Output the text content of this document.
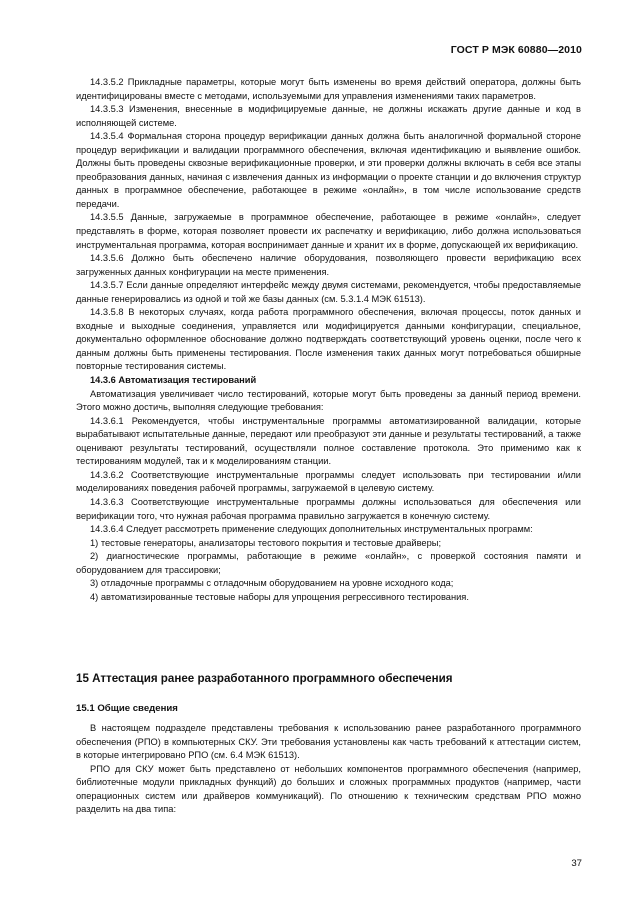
ГОСТ Р МЭК 60880—2010

14.3.5.2 Прикладные параметры, которые могут быть изменены во время действий оператора, должны быть идентифицированы вместе с методами, используемыми для управления изменениями таких параметров.

14.3.5.3 Изменения, внесенные в модифицируемые данные, не должны искажать другие данные и код в исполняющей системе.

14.3.5.4 Формальная сторона процедур верификации данных должна быть аналогичной формальной стороне процедур верификации и валидации программного обеспечения, включая идентификацию и выявление ошибок. Должны быть проведены сквозные верификационные проверки, и эти проверки должны включать в себя все этапы преобразования данных, начиная с извлечения данных из информации о проекте станции и до включения структур данных в программное обеспечение, работающее в режиме «онлайн», в том числе использование средств передачи.

14.3.5.5 Данные, загружаемые в программное обеспечение, работающее в режиме «онлайн», следует представлять в форме, которая позволяет провести их распечатку и верификацию, либо должна использоваться инструментальная программа, которая воспринимает данные и хранит их в форме, допускающей их верификацию.

14.3.5.6 Должно быть обеспечено наличие оборудования, позволяющего провести верификацию всех загруженных данных конфигурации на месте применения.

14.3.5.7 Если данные определяют интерфейс между двумя системами, рекомендуется, чтобы предоставляемые данные генерировались из одной и той же базы данных (см. 5.3.1.4 МЭК 61513).

14.3.5.8 В некоторых случаях, когда работа программного обеспечения, включая процессы, поток данных и входные и выходные соединения, управляется или модифицируется данными конфигурации, специальное, документально оформленное обоснование должно подтверждать соответствующий уровень оценки, после чего к данным должны быть применены тестирования. После изменения таких данных могут потребоваться обширные повторные тестирования системы.

14.3.6 Автоматизация тестирований

Автоматизация увеличивает число тестирований, которые могут быть проведены за данный период времени. Этого можно достичь, выполняя следующие требования:

14.3.6.1 Рекомендуется, чтобы инструментальные программы автоматизированной валидации, которые вырабатывают испытательные данные, передают или преобразуют эти данные и результаты тестирований, а также оценивают результаты тестирований, осуществляли полное составление протокола. Это применимо как к тестированиям модулей, так и к моделированиям станции.

14.3.6.2 Соответствующие инструментальные программы следует использовать при тестировании и/или моделированиях поведения рабочей программы, загружаемой в целевую систему.

14.3.6.3 Соответствующие инструментальные программы должны использоваться для обеспечения или верификации того, что нужная рабочая программа правильно загружается в конечную систему.

14.3.6.4 Следует рассмотреть применение следующих дополнительных инструментальных программ:

1) тестовые генераторы, анализаторы тестового покрытия и тестовые драйверы;

2) диагностические программы, работающие в режиме «онлайн», с проверкой состояния памяти и оборудованием для трассировки;

3) отладочные программы с отладочным оборудованием на уровне исходного кода;

4) автоматизированные тестовые наборы для упрощения регрессивного тестирования.

15 Аттестация ранее разработанного программного обеспечения
15.1 Общие сведения

В настоящем подразделе представлены требования к использованию ранее разработанного программного обеспечения (РПО) в компьютерных СКУ. Эти требования установлены как часть требований к аттестации систем, в которые интегрировано РПО (см. 6.4 МЭК 61513).

РПО для СКУ может быть представлено от небольших компонентов программного обеспечения (например, библиотечные модули прикладных функций) до больших и сложных программных продуктов (например, части операционных систем или драйверов коммуникаций). По отношению к техническим средствам РПО можно разделить на два типа:

37
